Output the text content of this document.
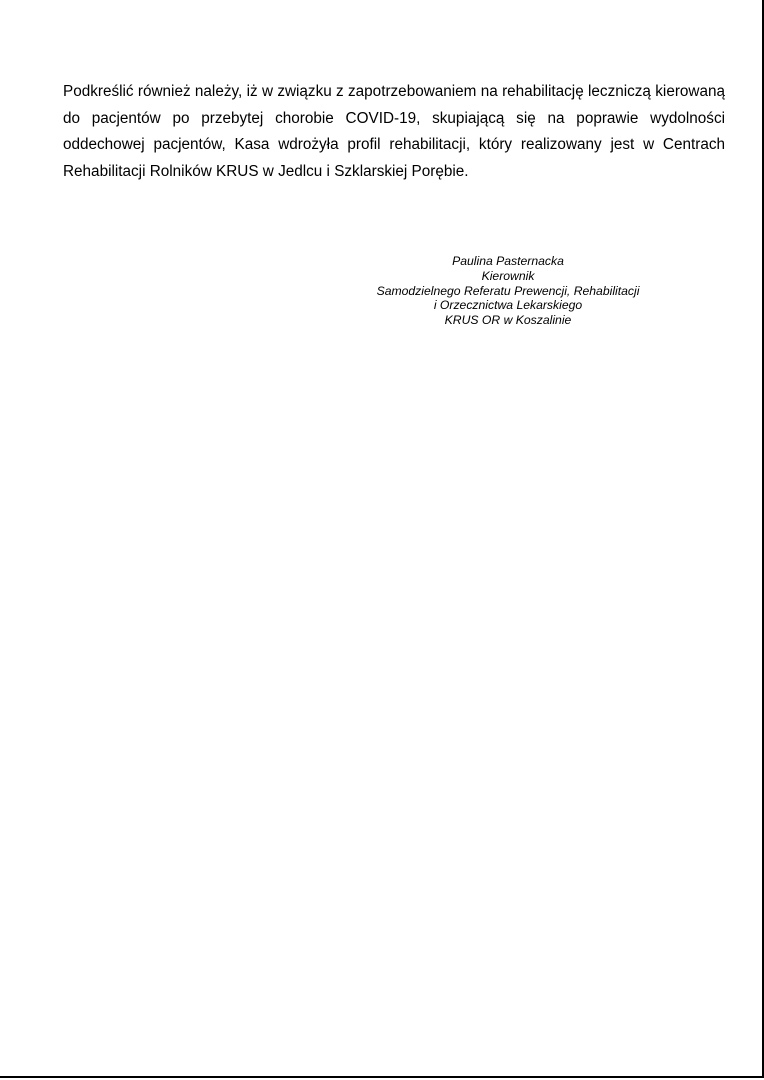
Podkreślić również należy, iż w związku z zapotrzebowaniem na rehabilitację leczniczą kierowaną do pacjentów po przebytej chorobie COVID-19, skupiającą się na poprawie wydolności oddechowej pacjentów, Kasa wdrożyła profil rehabilitacji, który realizowany jest w Centrach Rehabilitacji Rolników KRUS w Jedlcu i Szklarskiej Porębie.

Paulina Pasternacka
Kierownik
Samodzielnego Referatu Prewencji, Rehabilitacji
i Orzecznictwa Lekarskiego
KRUS OR w Koszalinie
